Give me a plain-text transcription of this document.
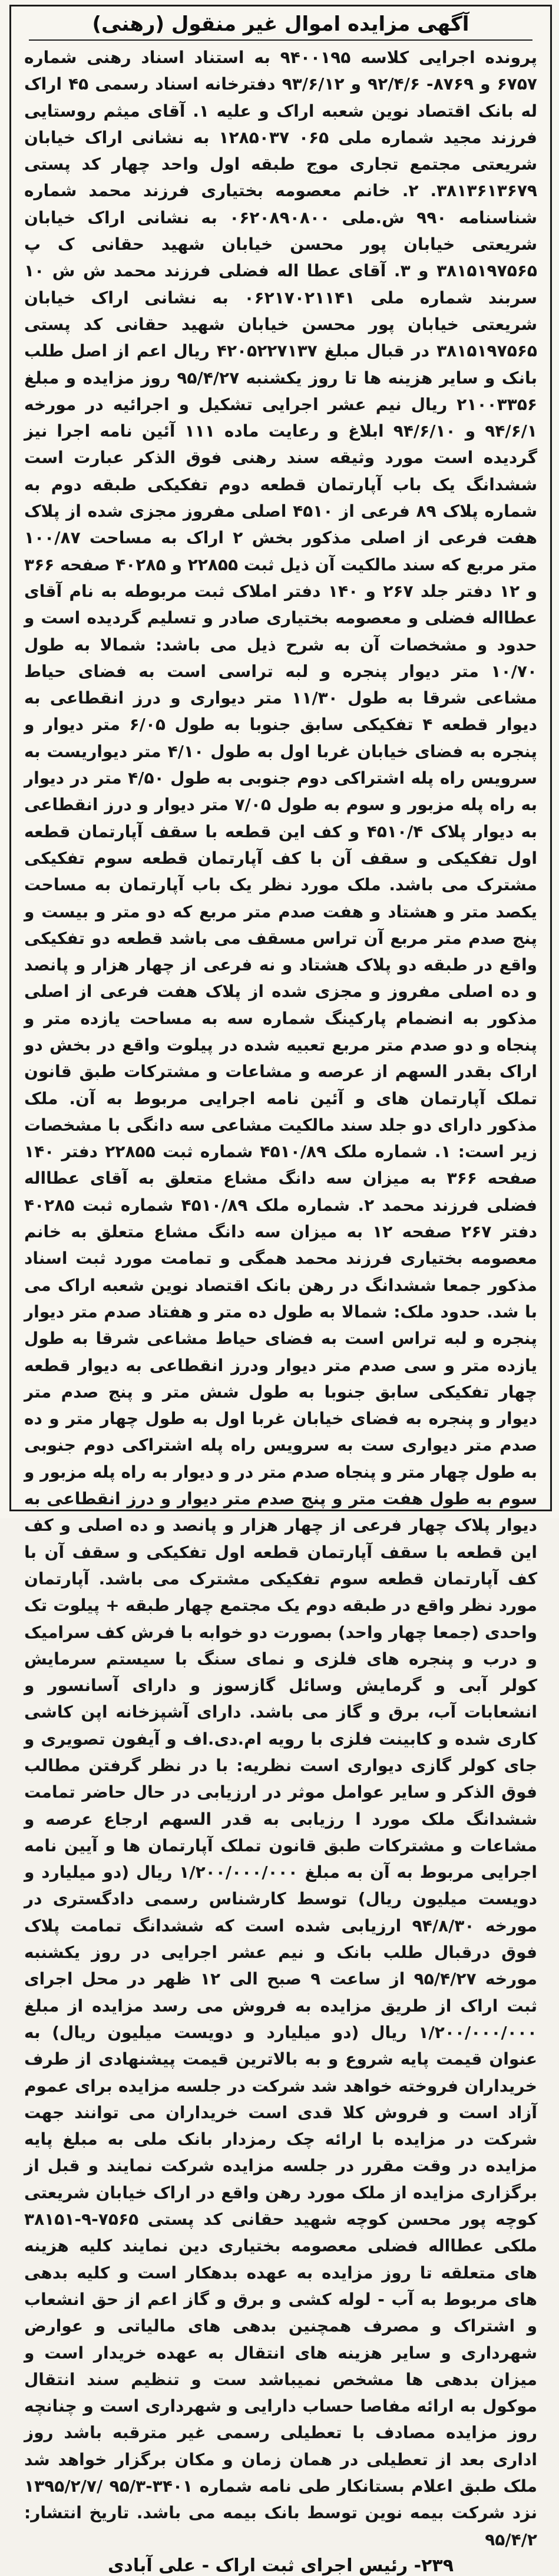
آگهی مزایده اموال غیر منقول (رهنی)
پرونده اجرایی کلاسه ۹۴۰۰۱۹۵ به استناد اسناد رهنی شماره ۶۷۵۷ و ۸۷۶۹- ۹۲/۴/۶ و ۹۳/۶/۱۲ دفترخانه اسناد رسمی ۴۵ اراک له بانک اقتصاد نوین شعبه اراک و علیه ۱. آقای میثم روستایی فرزند مجید شماره ملی ۰۶۵ ۱۲۸۵۰۳۷ به نشانی اراک خیابان شریعتی مجتمع تجاری موج طبقه اول واحد چهار کد پستی ۳۸۱۳۶۱۳۶۷۹. ۲. خانم معصومه بختیاری فرزند محمد شماره شناسنامه ۹۹۰ ش.ملی ۰۶۲۰۸۹۰۸۰۰ به نشانی اراک خیابان شریعتی خیابان پور محسن خیابان شهید حقانی ک پ ۳۸۱۵۱۹۷۵۶۵ و ۳. آقای عطا اله فضلی فرزند محمد ش ش ۱۰ سربند شماره ملی ۰۶۲۱۷۰۲۱۱۴۱ به نشانی اراک خیابان شریعتی خیابان پور محسن خیابان شهید حقانی کد پستی ۳۸۱۵۱۹۷۵۶۵ در قبال مبلغ ۴۲۰۵۲۲۷۱۳۷ ریال اعم از اصل طلب بانک و سایر هزینه ها تا روز یکشنبه ۹۵/۴/۲۷ روز مزایده و مبلغ ۲۱۰۰۳۳۵۶ ریال نیم عشر اجرایی تشکیل و اجرائیه در مورخه ۹۴/۶/۱ و ۹۴/۶/۱۰ ابلاغ و رعایت ماده ۱۱۱ آئین نامه اجرا نیز گردیده است مورد وثیقه سند رهنی فوق الذکر عبارت است ششدانگ یک باب آپارتمان قطعه دوم تفکیکی طبقه دوم به شماره پلاک ۸۹ فرعی از ۴۵۱۰ اصلی مفروز مجزی شده از پلاک هفت فرعی از اصلی مذکور بخش ۲ اراک به مساحت ۱۰۰/۸۷ متر مربع که سند مالکیت آن ذیل ثبت ۲۲۸۵۵ و ۴۰۲۸۵ صفحه ۳۶۶ و ۱۲ دفتر جلد ۲۶۷ و ۱۴۰ دفتر املاک ثبت مربوطه به نام آقای عطااله فضلی و معصومه بختیاری صادر و تسلیم گردیده است و حدود و مشخصات آن به شرح ذیل می باشد: شمالا به طول ۱۰/۷۰ متر دیوار پنجره و لبه تراسی است به فضای حیاط مشاعی شرقا به طول ۱۱/۳۰ متر دیواری و درز انقطاعی به دیوار قطعه ۴ تفکیکی سابق جنوبا به طول ۶/۰۵ متر دیوار و پنجره به فضای خیابان غربا اول به طول ۴/۱۰ متر دیواریست به سرویس راه پله اشتراکی دوم جنوبی به طول ۴/۵۰ متر در دیوار به راه پله مزبور و سوم به طول ۷/۰۵ متر دیوار و درز انقطاعی به دیوار پلاک ۴۵۱۰/۴ و کف این قطعه با سقف آپارتمان قطعه اول تفکیکی و سقف آن با کف آپارتمان قطعه سوم تفکیکی مشترک می باشد. ملک مورد نظر یک باب آپارتمان به مساحت یکصد متر و هشتاد و هفت صدم متر مربع که دو متر و بیست و پنج صدم متر مربع آن تراس مسقف می باشد قطعه دو تفکیکی واقع در طبقه دو پلاک هشتاد و نه فرعی از چهار هزار و پانصد و ده اصلی مفروز و مجزی شده از پلاک هفت فرعی از اصلی مذکور به انضمام پارکینگ شماره سه به مساحت یازده متر و پنجاه و دو صدم متر مربع تعبیه شده در پیلوت واقع در بخش دو اراک بقدر السهم از عرصه و مشاعات و مشترکات طبق قانون تملک آپارتمان های و آئین نامه اجرایی مربوط به آن. ملک مذکور دارای دو جلد سند مالکیت مشاعی سه دانگی با مشخصات زیر است: ۱. شماره ملک ۴۵۱۰/۸۹ شماره ثبت ۲۲۸۵۵ دفتر ۱۴۰ صفحه ۳۶۶ به میزان سه دانگ مشاع متعلق به آقای عطااله فضلی فرزند محمد ۲. شماره ملک ۴۵۱۰/۸۹ شماره ثبت ۴۰۲۸۵ دفتر ۲۶۷ صفحه ۱۲ به میزان سه دانگ مشاع متعلق به خانم معصومه بختیاری فرزند محمد همگی و تمامت مورد ثبت اسناد مذکور جمعا ششدانگ در رهن بانک اقتصاد نوین شعبه اراک می با شد. حدود ملک: شمالا به طول ده متر و هفتاد صدم متر دیوار پنجره و لبه تراس است به فضای حیاط مشاعی شرقا به طول یازده متر و سی صدم متر دیوار ودرز انقطاعی به دیوار قطعه چهار تفکیکی سابق جنوبا به طول شش متر و پنج صدم متر دیوار و پنجره به فضای خیابان غربا اول به طول چهار متر و ده صدم متر دیواری ست به سرویس راه پله اشتراکی دوم جنوبی به طول چهار متر و پنجاه صدم متر در و دیوار به راه پله مزبور و سوم به طول هفت متر و پنج صدم متر دیوار و درز انقطاعی به دیوار پلاک چهار فرعی از چهار هزار و پانصد و ده اصلی و کف این قطعه با سقف آپارتمان قطعه اول تفکیکی و سقف آن با کف آپارتمان قطعه سوم تفکیکی مشترک می باشد. آپارتمان مورد نظر واقع در طبقه دوم یک مجتمع چهار طبقه + پیلوت تک واحدی (جمعا چهار واحد) بصورت دو خوابه با فرش کف سرامیک و درب و پنجره های فلزی و نمای سنگ با سیستم سرمایش کولر آبی و گرمایش وسائل گازسوز و دارای آسانسور و انشعابات آب، برق و گاز می باشد. دارای آشپزخانه اپن کاشی کاری شده و کابینت فلزی با رویه ام.دی.اف و آیفون تصویری و جای کولر گازی دیواری است نظریه: با در نظر گرفتن مطالب فوق الذکر و سایر عوامل موثر در ارزیابی در حال حاضر تمامت ششدانگ ملک مورد ا رزیابی به قدر السهم ارجاع عرصه و مشاعات و مشترکات طبق قانون تملک آپارتمان ها و آیین نامه اجرایی مربوط به آن به مبلغ ۱/۲۰۰/۰۰۰/۰۰۰ ریال (دو میلیارد و دویست میلیون ریال) توسط کارشناس رسمی دادگستری در مورخه ۹۴/۸/۳۰ ارزیابی شده است که ششدانگ تمامت پلاک فوق درقبال طلب بانک و نیم عشر اجرایی در روز یکشنبه مورخه ۹۵/۴/۲۷ از ساعت ۹ صبح الی ۱۲ ظهر در محل اجرای ثبت اراک از طریق مزایده به فروش می رسد مزایده از مبلغ ۱/۲۰۰/۰۰۰/۰۰۰ ریال (دو میلیارد و دویست میلیون ریال) به عنوان قیمت پایه شروع و به بالاترین قیمت پیشنهادی از طرف خریداران فروخته خواهد شد شرکت در جلسه مزایده برای عموم آزاد است و فروش کلا قدی است خریداران می توانند جهت شرکت در مزایده با ارائه چک رمزدار بانک ملی به مبلغ پایه مزایده در وقت مقرر در جلسه مزایده شرکت نمایند و قبل از برگزاری مزایده از ملک مورد رهن واقع در اراک خیابان شریعتی کوچه پور محسن کوچه شهید حقانی کد پستی ۷۵۶۵-۹-۳۸۱۵۱ ملکی عطااله فضلی معصومه بختیاری دین نمایند کلیه هزینه های متعلقه تا روز مزایده به عهده بدهکار است و کلیه بدهی های مربوط به آب - لوله کشی و برق و گاز اعم از حق انشعاب و اشتراک و مصرف همچنین بدهی های مالیاتی و عوارض شهرداری و سایر هزینه های انتقال به عهده خریدار است و میزان بدهی ها مشخص نمیباشد ست و تنظیم سند انتقال موکول به ارائه مفاصا حساب دارایی و شهرداری است و چنانچه روز مزایده مصادف با تعطیلی رسمی غیر مترقبه باشد روز اداری بعد از تعطیلی در همان زمان و مکان برگزار خواهد شد ملک طبق اعلام بستانکار طی نامه شماره ۳۴۰۱-۹۵/۳ /۱۳۹۵/۲/۷ نزد شرکت بیمه نوین توسط بانک بیمه می باشد. تاریخ انتشار: ۹۵/۴/۲
۲۳۹- رئیس اجرای ثبت اراک - علی آبادی
